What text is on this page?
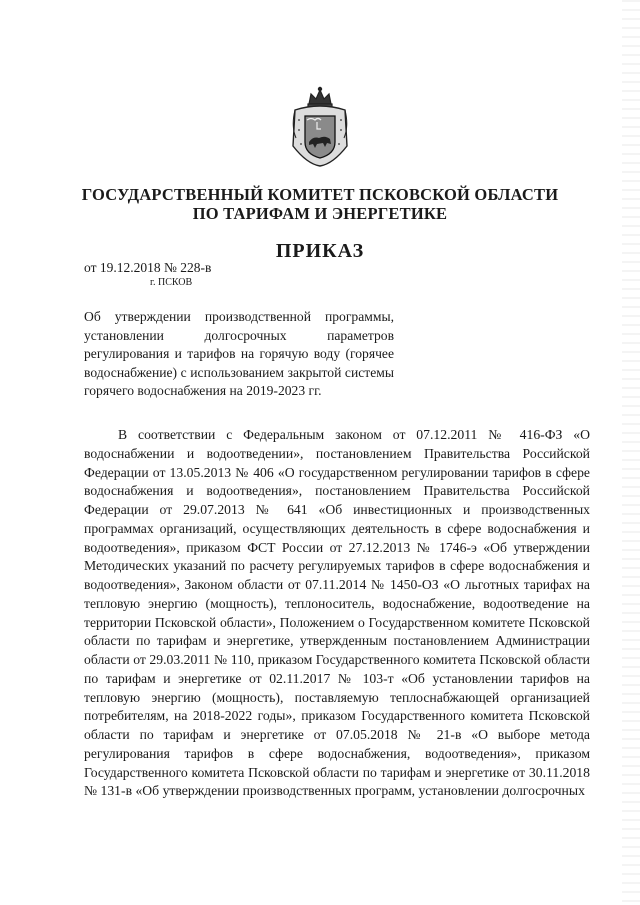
ГОСУДАРСТВЕННЫЙ КОМИТЕТ ПСКОВСКОЙ ОБЛАСТИ
ПО ТАРИФАМ И ЭНЕРГЕТИКЕ
ПРИКАЗ
от 19.12.2018 № 228-в
г. ПСКОВ
Об утверждении производственной программы, установлении долгосрочных параметров регулирования и тарифов на горячую воду (горячее водоснабжение) с использованием закрытой системы горячего водоснабжения на 2019-2023 гг.

В соответствии с Федеральным законом от 07.12.2011 № 416-ФЗ «О водоснабжении и водоотведении», постановлением Правительства Российской Федерации от 13.05.2013 № 406 «О государственном регулировании тарифов в сфере водоснабжения и водоотведения», постановлением Правительства Российской Федерации от 29.07.2013 № 641 «Об инвестиционных и производственных программах организаций, осуществляющих деятельность в сфере водоснабжения и водоотведения», приказом ФСТ России от 27.12.2013 № 1746-э «Об утверждении Методических указаний по расчету регулируемых тарифов в сфере водоснабжения и водоотведения», Законом области от 07.11.2014 № 1450-ОЗ «О льготных тарифах на тепловую энергию (мощность), теплоноситель, водоснабжение, водоотведение на территории Псковской области», Положением о Государственном комитете Псковской области по тарифам и энергетике, утвержденным постановлением Администрации области от 29.03.2011 № 110, приказом Государственного комитета Псковской области по тарифам и энергетике от 02.11.2017 № 103-т «Об установлении тарифов на тепловую энергию (мощность), поставляемую теплоснабжающей организацией потребителям, на 2018-2022 годы», приказом Государственного комитета Псковской области по тарифам и энергетике от 07.05.2018 № 21-в «О выборе метода регулирования тарифов в сфере водоснабжения, водоотведения», приказом Государственного комитета Псковской области по тарифам и энергетике от 30.11.2018 № 131-в «Об утверждении производственных программ, установлении долгосрочных
